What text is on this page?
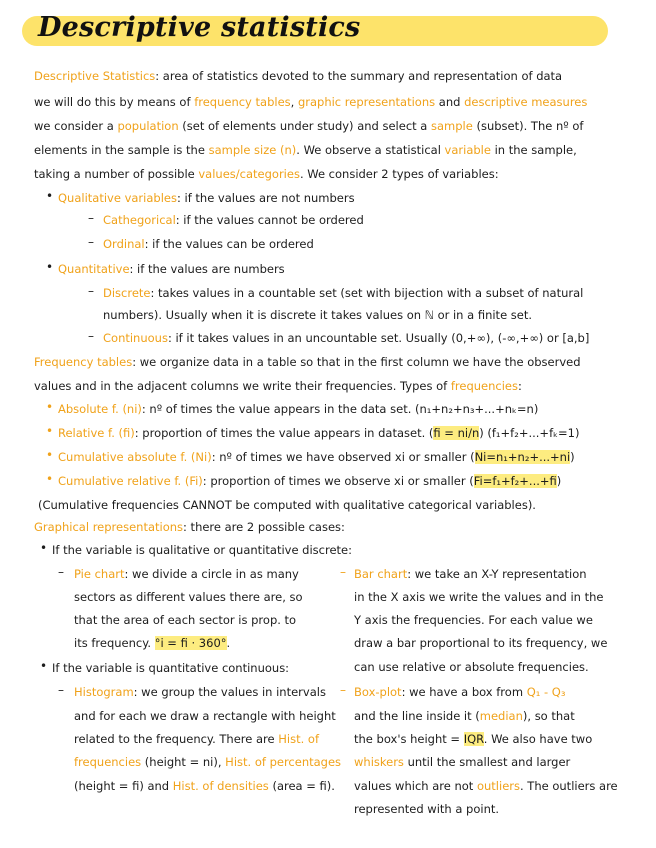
Descriptive statistics
•
–
–
•
–
–
•
•
•
•
•
–
•
–
–
–
Descriptive Statistics: area of statistics devoted to the summary and representation of data
we will do this by means of frequency tables, graphic representations and descriptive measures
we consider a population (set of elements under study) and select a sample (subset). The nº of
elements in the sample is the sample size (n). We observe a statistical variable in the sample,
taking a number of possible values/categories. We consider 2 types of variables:
Qualitative variables: if the values are not numbers
Cathegorical: if the values cannot be ordered
Ordinal: if the values can be ordered
Quantitative: if the values are numbers
Discrete: takes values in a countable set (set with bijection with a subset of natural
numbers). Usually when it is discrete it takes values on ℕ or in a finite set.
Continuous: if it takes values in an uncountable set. Usually (0,+∞), (-∞,+∞) or [a,b]
Frequency tables: we organize data in a table so that in the first column we have the observed
values and in the adjacent columns we write their frequencies. Types of frequencies:
Absolute f. (ni): nº of times the value appears in the data set. (n₁+n₂+n₃+...+nₖ=n)
Relative f. (fi): proportion of times the value appears in dataset. (fi = ni/n) (f₁+f₂+...+fₖ=1)
Cumulative absolute f. (Ni): nº of times we have observed xi or smaller (Ni=n₁+n₂+...+ni)
Cumulative relative f. (Fi): proportion of times we observe xi or smaller (Fi=f₁+f₂+...+fi)
(Cumulative frequencies CANNOT be computed with qualitative categorical variables).
Graphical representations: there are 2 possible cases:
If the variable is qualitative or quantitative discrete:
Pie chart: we divide a circle in as many
sectors as different values there are, so
that the area of each sector is prop. to
its frequency. °i = fi · 360°.
If the variable is quantitative continuous:
Histogram: we group the values in intervals
and for each we draw a rectangle with height
related to the frequency. There are Hist. of
frequencies (height = ni), Hist. of percentages
(height = fi) and Hist. of densities (area = fi).
Bar chart: we take an X-Y representation
in the X axis we write the values and in the
Y axis the frequencies. For each value we
draw a bar proportional to its frequency, we
can use relative or absolute frequencies.
Box-plot: we have a box from Q₁ - Q₃
and the line inside it (median), so that
the box's height = IQR. We also have two
whiskers until the smallest and larger
values which are not outliers. The outliers are
represented with a point.
